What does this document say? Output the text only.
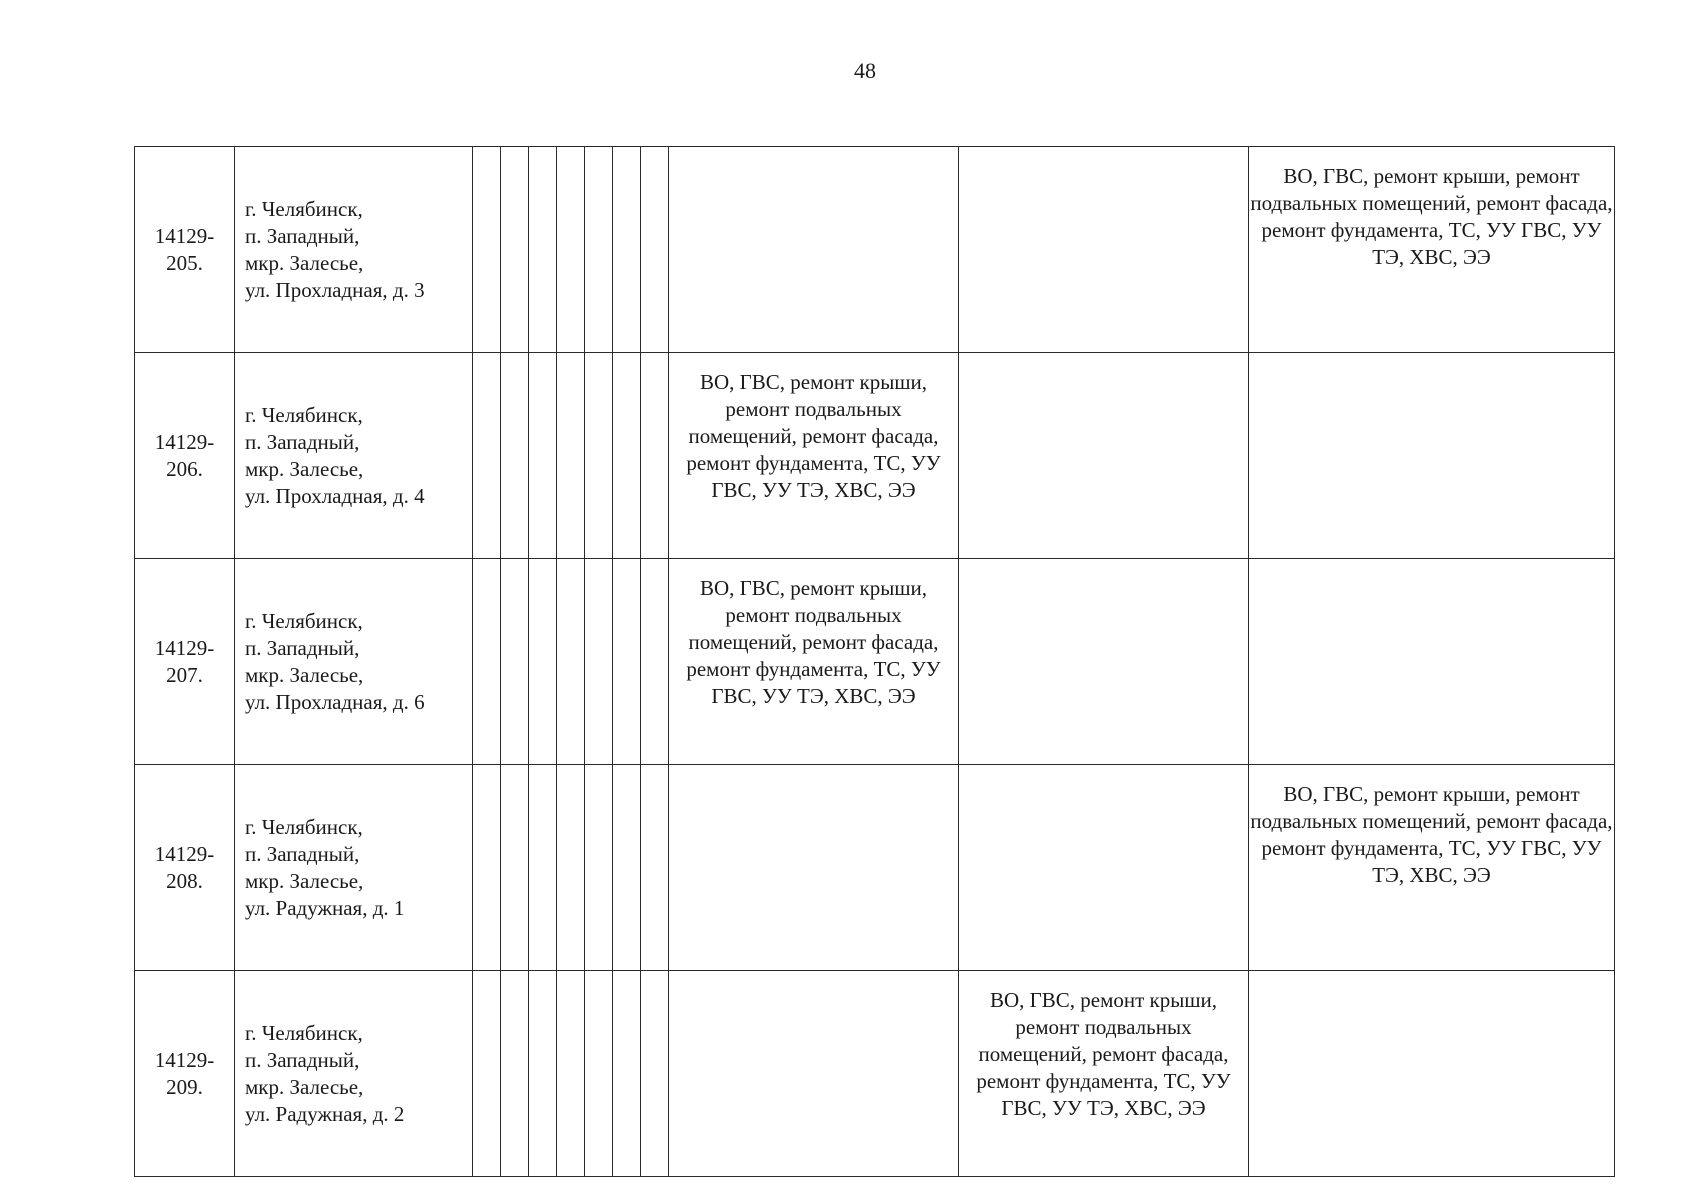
48
14129-
205.	г. Челябинск,
п. Западный,
мкр. Залесье,
ул. Прохладная, д. 3										ВО, ГВС, ремонт крыши, ремонт подвальных помещений, ремонт фасада, ремонт фундамента, ТС, УУ ГВС, УУ ТЭ, ХВС, ЭЭ

14129-
206.	г. Челябинск,
п. Западный,
мкр. Залесье,
ул. Прохладная, д. 4								ВО, ГВС, ремонт крыши, ремонт подвальных помещений, ремонт фасада, ремонт фундамента, ТС, УУ ГВС, УУ ТЭ, ХВС, ЭЭ		

14129-
207.	г. Челябинск,
п. Западный,
мкр. Залесье,
ул. Прохладная, д. 6								ВО, ГВС, ремонт крыши, ремонт подвальных помещений, ремонт фасада, ремонт фундамента, ТС, УУ ГВС, УУ ТЭ, ХВС, ЭЭ		

14129-
208.	г. Челябинск,
п. Западный,
мкр. Залесье,
ул. Радужная, д. 1										ВО, ГВС, ремонт крыши, ремонт подвальных помещений, ремонт фасада, ремонт фундамента, ТС, УУ ГВС, УУ ТЭ, ХВС, ЭЭ

14129-
209.	г. Челябинск,
п. Западный,
мкр. Залесье,
ул. Радужная, д. 2									ВО, ГВС, ремонт крыши, ремонт подвальных помещений, ремонт фасада, ремонт фундамента, ТС, УУ ГВС, УУ ТЭ, ХВС, ЭЭ	
